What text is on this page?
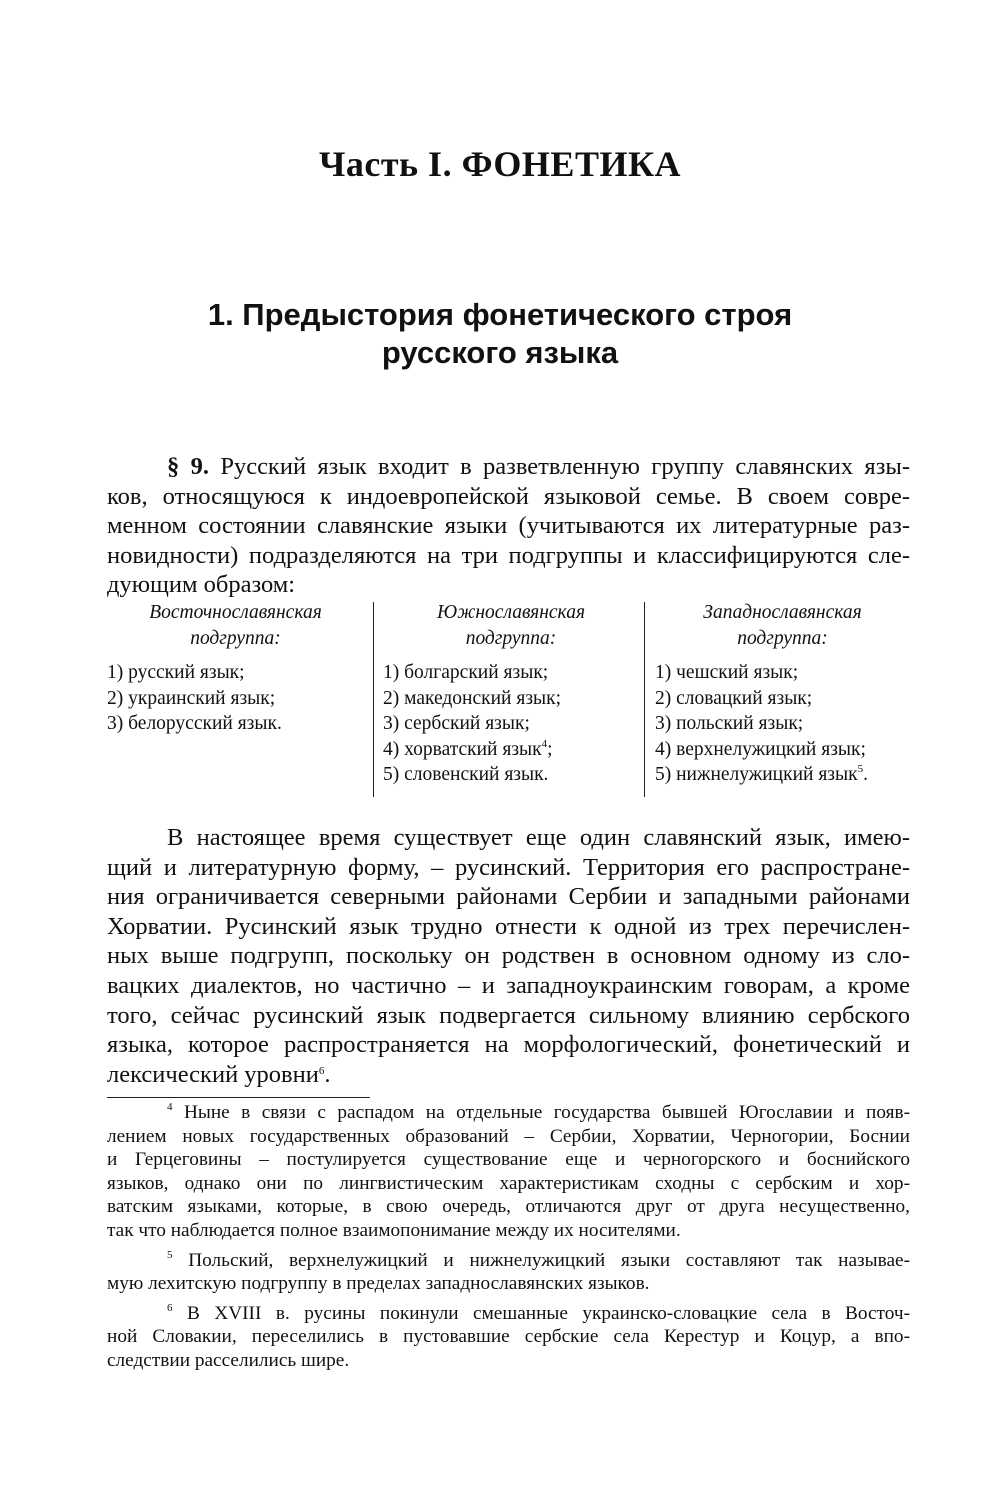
Часть I. ФОНЕТИКА
1. Предыстория фонетического строя
русского языка
§ 9. Русский язык входит в разветвленную группу славянских язы-
ков, относящуюся к индоевропейской языковой семье. В своем совре-
менном состоянии славянские языки (учитываются их литературные раз-
новидности) подразделяются на три подгруппы и классифицируются сле-
дующим образом:
Восточнославянская
подгруппа:
1) русский язык;
2) украинский язык;
3) белорусский язык.
Южнославянская
подгруппа:
1) болгарский язык;
2) македонский язык;
3) сербский язык;
4) хорватский язык$^4$;
5) словенский язык.
Западнославянская
подгруппа:
1) чешский язык;
2) словацкий язык;
3) польский язык;
4) верхнелужицкий язык;
5) нижнелужицкий язык$^5$.
В настоящее время существует еще один славянский язык, имею-
щий и литературную форму, – русинский. Территория его распростране-
ния ограничивается северными районами Сербии и западными районами
Хорватии. Русинский язык трудно отнести к одной из трех перечислен-
ных выше подгрупп, поскольку он родствен в основном одному из сло-
вацких диалектов, но частично – и западноукраинским говорам, а кроме
того, сейчас русинский язык подвергается сильному влиянию сербского
языка, которое распространяется на морфологический, фонетический и
лексический уровни$^6$.
$^4$ Ныне в связи с распадом на отдельные государства бывшей Югославии и появ-
лением новых государственных образований – Сербии, Хорватии, Черногории, Боснии
и Герцеговины – постулируется существование еще и черногорского и боснийского
языков, однако они по лингвистическим характеристикам сходны с сербским и хор-
ватским языками, которые, в свою очередь, отличаются друг от друга несущественно,
так что наблюдается полное взаимопонимание между их носителями.
$^5$ Польский, верхнелужицкий и нижнелужицкий языки составляют так называе-
мую лехитскую подгруппу в пределах западнославянских языков.
$^6$ В XVIII в. русины покинули смешанные украинско-словацкие села в Восточ-
ной Словакии, переселились в пустовавшие сербские села Керестур и Коцур, а впо-
следствии расселились шире.
